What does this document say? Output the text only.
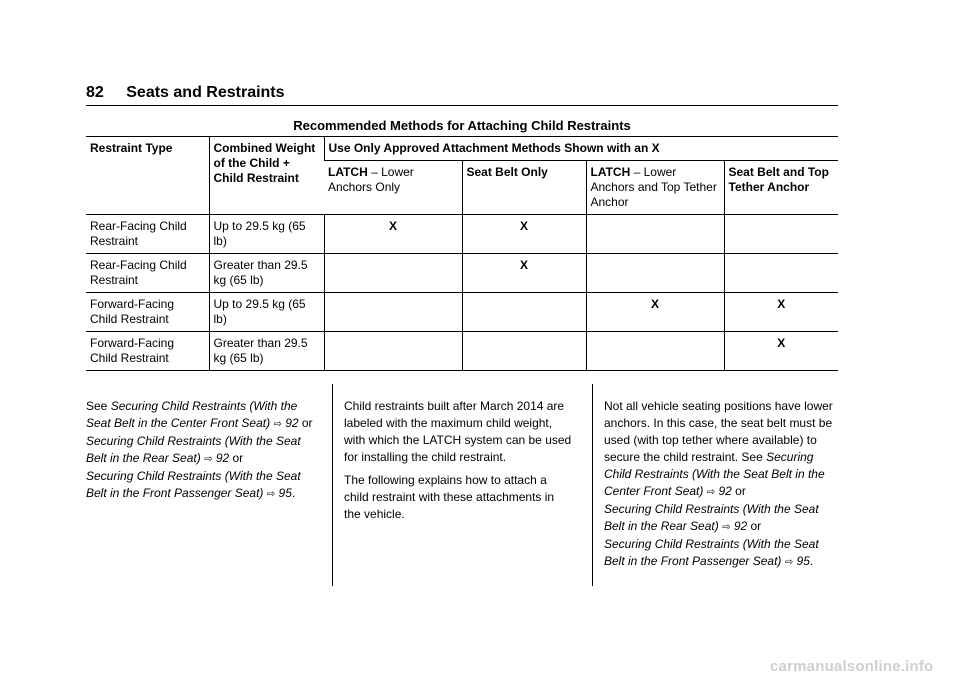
82 Seats and Restraints
Recommended Methods for Attaching Child Restraints
Restraint Type	Combined Weight of the Child + Child Restraint	Use Only Approved Attachment Methods Shown with an X			
		LATCH – Lower Anchors Only	Seat Belt Only	LATCH – Lower Anchors and Top Tether Anchor	Seat Belt and Top Tether Anchor
Rear-Facing Child Restraint	Up to 29.5 kg (65 lb)	X	X		
Rear-Facing Child Restraint	Greater than 29.5 kg (65 lb)		X		
Forward-Facing Child Restraint	Up to 29.5 kg (65 lb)			X	X
Forward-Facing Child Restraint	Greater than 29.5 kg (65 lb)				X

See Securing Child Restraints (With the Seat Belt in the Center Front Seat) ⇨ 92 or
Securing Child Restraints (With the Seat Belt in the Rear Seat) ⇨ 92 or
Securing Child Restraints (With the Seat Belt in the Front Passenger Seat) ⇨ 95.

Child restraints built after March 2014 are labeled with the maximum child weight, with which the LATCH system can be used for installing the child restraint.

The following explains how to attach a child restraint with these attachments in the vehicle.

Not all vehicle seating positions have lower anchors. In this case, the seat belt must be used (with top tether where available) to secure the child restraint. See Securing Child Restraints (With the Seat Belt in the Center Front Seat) ⇨ 92 or
Securing Child Restraints (With the Seat Belt in the Rear Seat) ⇨ 92 or
Securing Child Restraints (With the Seat Belt in the Front Passenger Seat) ⇨ 95.

carmanualsonline.info
